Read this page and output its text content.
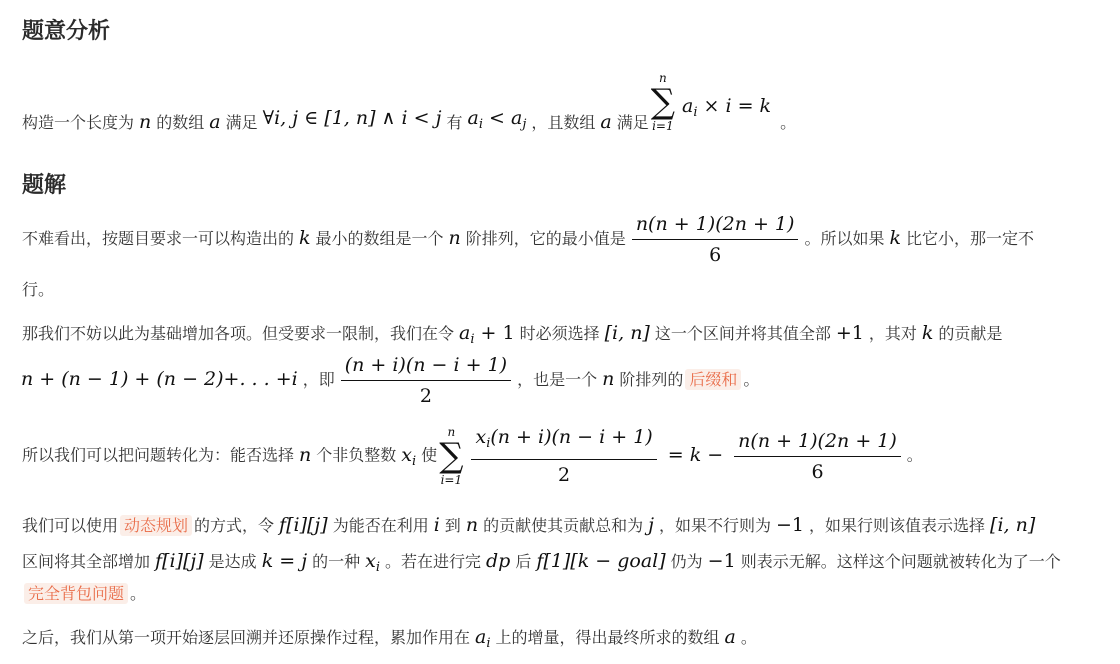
题意分析
构造一个长度为 n 的数组 a 满足 ∀i, j ∈ [1, n] ∧ i < j 有 $a_i < a_j$ ，且数组 a 满足
n
∑
i=1
$a_i \times i = k$。
题解
不难看出，按题目要求一可以构造出的 k 最小的数组是一个 n 阶排列，它的最小值是 $\frac{n(n + 1)(2n + 1)}{6}$ 。所以如果 k 比它小，那一定不
行。
那我们不妨以此为基础增加各项。但受要求一限制，我们在令 $a_i + 1$ 时必须选择 [i, n] 这一个区间并将其值全部 +1 ，其对 k 的贡献是
n + (n − 1) + (n − 2)+. . . +i ，即 $\frac{(n + i)(n - i + 1)}{2}$ ，也是一个 n 阶排列的 后缀和 。
所以我们可以把问题转化为：能否选择 n 个非负整数 $x_i$ 使
n
∑
$i=1 \frac{x_i(n + i)(n - i + 1)}{2} = k - \frac{n(n + 1)(2n + 1)}{6}$ 。
我们可以使用 动态规划 的方式，令 f[i][j] 为能否在利用 i 到 n 的贡献使其贡献总和为 j ，如果不行则为 −1 ，如果行则该值表示选择 [i, n]
区间将其全部增加 f[i][j] 是达成 k = j 的一种 $x_i$ 。若在进行完 dp 后 f[1][k − goal] 仍为 −1 则表示无解。这样这个问题就被转化为了一个
完全背包问题 。
之后，我们从第一项开始逐层回溯并还原操作过程，累加作用在 $a_i$ 上的增量，得出最终所求的数组 a 。
